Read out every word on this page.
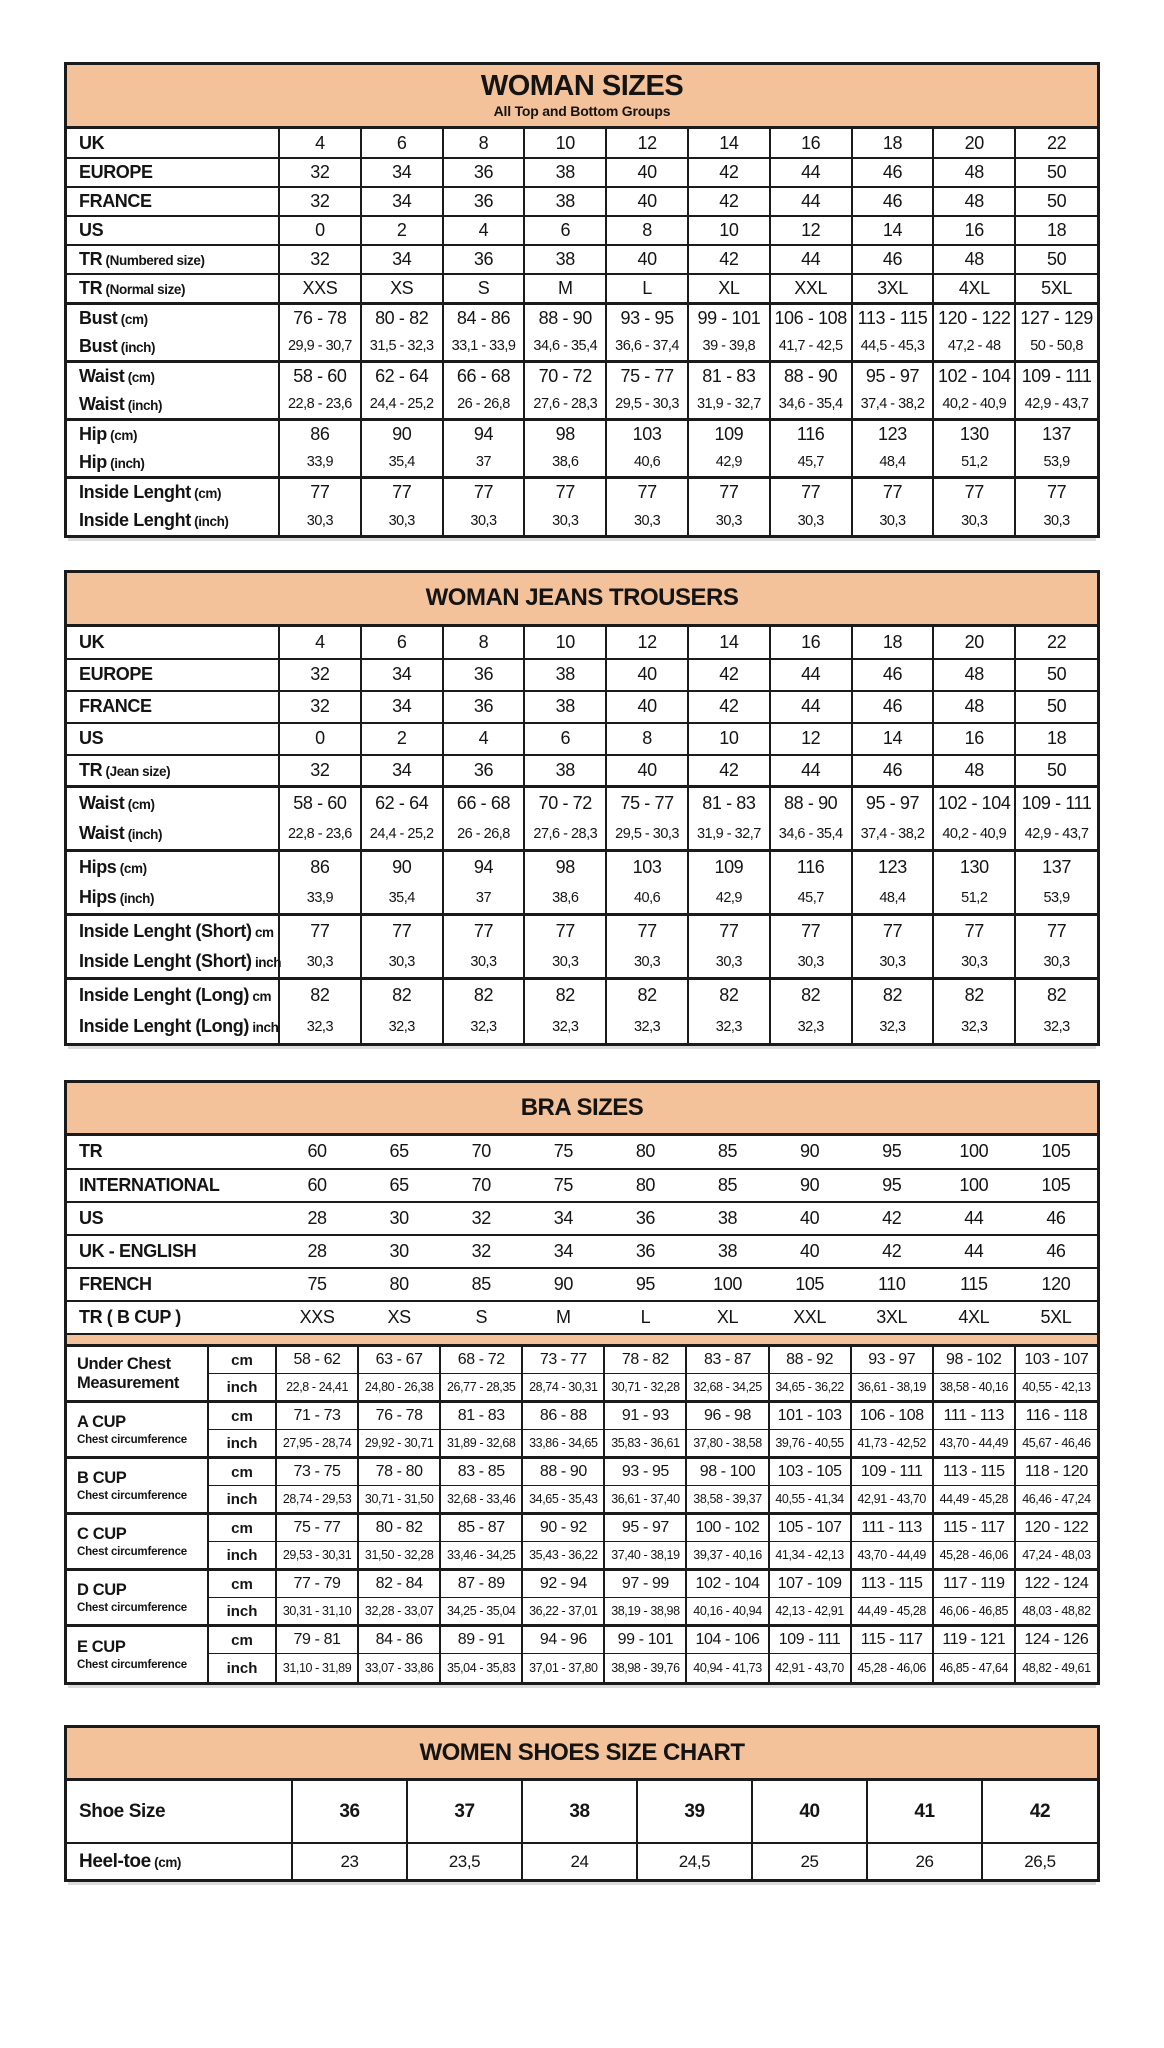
WOMAN SIZES
All Top and Bottom Groups
UK	4	6	8	10	12	14	16	18	20	22
EUROPE	32	34	36	38	40	42	44	46	48	50
FRANCE	32	34	36	38	40	42	44	46	48	50
US	0	2	4	6	8	10	12	14	16	18
TR (Numbered size)	32	34	36	38	40	42	44	46	48	50
TR (Normal size)	XXS	XS	S	M	L	XL	XXL	3XL	4XL	5XL
Bust (cm)	76 - 78	80 - 82	84 - 86	88 - 90	93 - 95	99 - 101	106 - 108	113 - 115	120 - 122	127 - 129
Bust (inch)	29,9 - 30,7	31,5 - 32,3	33,1 - 33,9	34,6 - 35,4	36,6 - 37,4	39 - 39,8	41,7 - 42,5	44,5 - 45,3	47,2 - 48	50 - 50,8
Waist (cm)	58 - 60	62 - 64	66 - 68	70 - 72	75 - 77	81 - 83	88 - 90	95 - 97	102 - 104	109 - 111
Waist (inch)	22,8 - 23,6	24,4 - 25,2	26 - 26,8	27,6 - 28,3	29,5 - 30,3	31,9 - 32,7	34,6 - 35,4	37,4 - 38,2	40,2 - 40,9	42,9 - 43,7
Hip (cm)	86	90	94	98	103	109	116	123	130	137
Hip (inch)	33,9	35,4	37	38,6	40,6	42,9	45,7	48,4	51,2	53,9
Inside Lenght (cm)	77	77	77	77	77	77	77	77	77	77
Inside Lenght (inch)	30,3	30,3	30,3	30,3	30,3	30,3	30,3	30,3	30,3	30,3
WOMAN JEANS TROUSERS
UK	4	6	8	10	12	14	16	18	20	22
EUROPE	32	34	36	38	40	42	44	46	48	50
FRANCE	32	34	36	38	40	42	44	46	48	50
US	0	2	4	6	8	10	12	14	16	18
TR (Jean size)	32	34	36	38	40	42	44	46	48	50
Waist (cm)	58 - 60	62 - 64	66 - 68	70 - 72	75 - 77	81 - 83	88 - 90	95 - 97	102 - 104	109 - 111
Waist (inch)	22,8 - 23,6	24,4 - 25,2	26 - 26,8	27,6 - 28,3	29,5 - 30,3	31,9 - 32,7	34,6 - 35,4	37,4 - 38,2	40,2 - 40,9	42,9 - 43,7
Hips (cm)	86	90	94	98	103	109	116	123	130	137
Hips (inch)	33,9	35,4	37	38,6	40,6	42,9	45,7	48,4	51,2	53,9
Inside Lenght (Short) cm	77	77	77	77	77	77	77	77	77	77
Inside Lenght (Short) inch	30,3	30,3	30,3	30,3	30,3	30,3	30,3	30,3	30,3	30,3
Inside Lenght (Long) cm	82	82	82	82	82	82	82	82	82	82
Inside Lenght (Long) inch	32,3	32,3	32,3	32,3	32,3	32,3	32,3	32,3	32,3	32,3
BRA SIZES
TR		60	65	70	75	80	85	90	95	100	105
INTERNATIONAL		60	65	70	75	80	85	90	95	100	105
US		28	30	32	34	36	38	40	42	44	46
UK - ENGLISH		28	30	32	34	36	38	40	42	44	46
FRENCH		75	80	85	90	95	100	105	110	115	120
TR ( B CUP )		XXS	XS	S	M	L	XL	XXL	3XL	4XL	5XL

Under Chest Measurement	cm	58 - 62	63 - 67	68 - 72	73 - 77	78 - 82	83 - 87	88 - 92	93 - 97	98 - 102	103 - 107
	inch	22,8 - 24,41	24,80 - 26,38	26,77 - 28,35	28,74 - 30,31	30,71 - 32,28	32,68 - 34,25	34,65 - 36,22	36,61 - 38,19	38,58 - 40,16	40,55 - 42,13

A CUP
Chest circumference	cm	71 - 73	76 - 78	81 - 83	86 - 88	91 - 93	96 - 98	101 - 103	106 - 108	111 - 113	116 - 118
	inch	27,95 - 28,74	29,92 - 30,71	31,89 - 32,68	33,86 - 34,65	35,83 - 36,61	37,80 - 38,58	39,76 - 40,55	41,73 - 42,52	43,70 - 44,49	45,67 - 46,46

B CUP
Chest circumference	cm	73 - 75	78 - 80	83 - 85	88 - 90	93 - 95	98 - 100	103 - 105	109 - 111	113 - 115	118 - 120
	inch	28,74 - 29,53	30,71 - 31,50	32,68 - 33,46	34,65 - 35,43	36,61 - 37,40	38,58 - 39,37	40,55 - 41,34	42,91 - 43,70	44,49 - 45,28	46,46 - 47,24

C CUP
Chest circumference	cm	75 - 77	80 - 82	85 - 87	90 - 92	95 - 97	100 - 102	105 - 107	111 - 113	115 - 117	120 - 122
	inch	29,53 - 30,31	31,50 - 32,28	33,46 - 34,25	35,43 - 36,22	37,40 - 38,19	39,37 - 40,16	41,34 - 42,13	43,70 - 44,49	45,28 - 46,06	47,24 - 48,03

D CUP
Chest circumference	cm	77 - 79	82 - 84	87 - 89	92 - 94	97 - 99	102 - 104	107 - 109	113 - 115	117 - 119	122 - 124
	inch	30,31 - 31,10	32,28 - 33,07	34,25 - 35,04	36,22 - 37,01	38,19 - 38,98	40,16 - 40,94	42,13 - 42,91	44,49 - 45,28	46,06 - 46,85	48,03 - 48,82

E CUP
Chest circumference	cm	79 - 81	84 - 86	89 - 91	94 - 96	99 - 101	104 - 106	109 - 111	115 - 117	119 - 121	124 - 126
	inch	31,10 - 31,89	33,07 - 33,86	35,04 - 35,83	37,01 - 37,80	38,98 - 39,76	40,94 - 41,73	42,91 - 43,70	45,28 - 46,06	46,85 - 47,64	48,82 - 49,61
WOMEN SHOES SIZE CHART
Shoe Size	36	37	38	39	40	41	42
Heel-toe (cm)	23	23,5	24	24,5	25	26	26,5
